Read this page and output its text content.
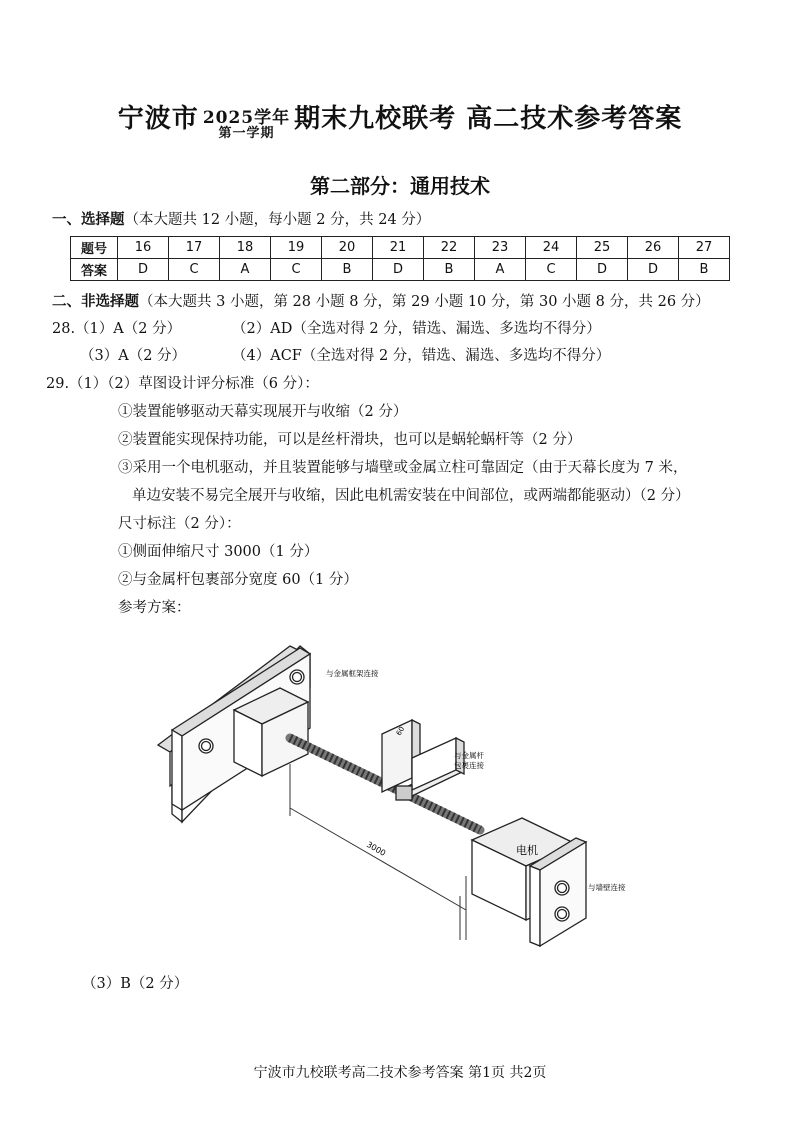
宁波市 2025学年
第一学期 期末九校联考 高二技术参考答案
第二部分：通用技术
一、选择题（本大题共 12 小题，每小题 2 分，共 24 分）
题号	16	17	18	19	20	21	22	23	24	25	26	27
答案	D	C	A	C	B	D	B	A	C	D	D	B
二、非选择题（本大题共 3 小题，第 28 小题 8 分，第 29 小题 10 分，第 30 小题 8 分，共 26 分）
28.（1）A（2 分）	（2）AD（全选对得 2 分，错选、漏选、多选均不得分）
（3）A（2 分）	（4）ACF（全选对得 2 分，错选、漏选、多选均不得分）
29.（1）（2）草图设计评分标准（6 分）：
①装置能够驱动天幕实现展开与收缩（2 分）
②装置能实现保持功能，可以是丝杆滑块，也可以是蜗轮蜗杆等（2 分）
③采用一个电机驱动，并且装置能够与墙壁或金属立柱可靠固定（由于天幕长度为 7 米，
单边安装不易完全展开与收缩，因此电机需安装在中间部位，或两端都能驱动）（2 分）
尺寸标注（2 分）：
①侧面伸缩尺寸 3000（1 分）
②与金属杆包裹部分宽度 60（1 分）
参考方案：
与金属框架连接
与金属杆
包裹连接
与墙壁连接
电机
3000
60
（3）B（2 分）
宁波市九校联考高二技术参考答案 第1页 共2页
